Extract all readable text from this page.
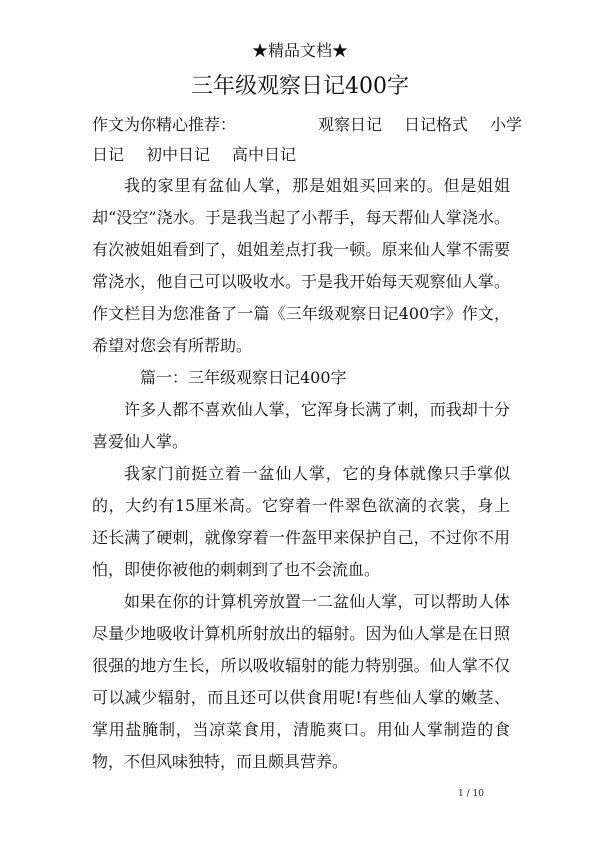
★精品文档★
三年级观察日记400字
作文为你精心推荐：	观察日记 日记格式 小学
日记 初中日记 高中日记

我的家里有盆仙人掌，那是姐姐买回来的。但是姐姐却“没空”浇水。于是我当起了小帮手，每天帮仙人掌浇水。有次被姐姐看到了，姐姐差点打我一顿。原来仙人掌不需要常浇水，他自己可以吸收水。于是我开始每天观察仙人掌。作文栏目为您准备了一篇《三年级观察日记400字》作文，希望对您会有所帮助。

篇一：三年级观察日记400字

许多人都不喜欢仙人掌，它浑身长满了刺，而我却十分喜爱仙人掌。

我家门前挺立着一盆仙人掌，它的身体就像只手掌似的，大约有15厘米高。它穿着一件翠色欲滴的衣裳，身上还长满了硬刺，就像穿着一件盔甲来保护自己，不过你不用怕，即使你被他的刺刺到了也不会流血。

如果在你的计算机旁放置一二盆仙人掌，可以帮助人体尽量少地吸收计算机所射放出的辐射。因为仙人掌是在日照很强的地方生长，所以吸收辐射的能力特别强。仙人掌不仅可以减少辐射，而且还可以供食用呢!有些仙人掌的嫩茎、掌用盐腌制，当凉菜食用，清脆爽口。用仙人掌制造的食物，不但风味独特，而且颇具营养。

1 / 10
